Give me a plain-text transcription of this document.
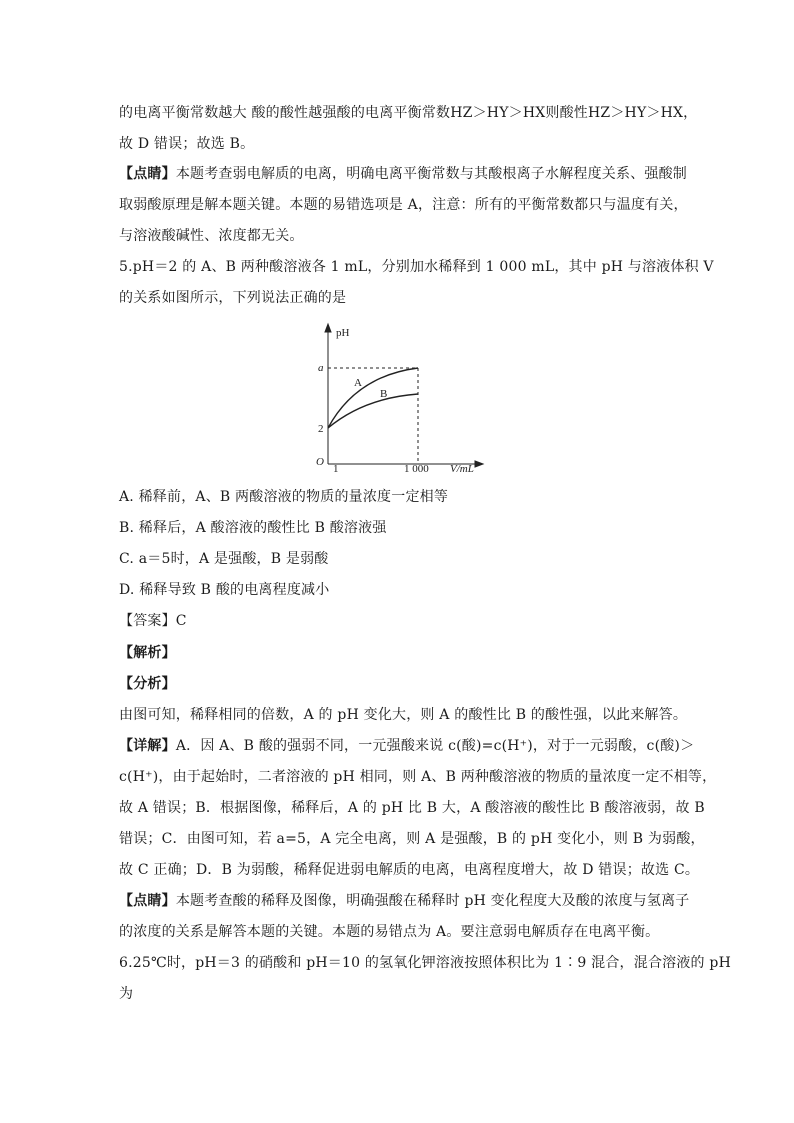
的电离平衡常数越大 酸的酸性越强酸的电离平衡常数HZ＞HY＞HX则酸性HZ＞HY＞HX，
故 D 错误；故选 B。
【点睛】本题考查弱电解质的电离，明确电离平衡常数与其酸根离子水解程度关系、强酸制
取弱酸原理是解本题关键。本题的易错选项是 A，注意：所有的平衡常数都只与温度有关，
与溶液酸碱性、浓度都无关。
5.pH＝2 的 A、B 两种酸溶液各 1 mL，分别加水稀释到 1 000 mL，其中 pH 与溶液体积 V
的关系如图所示，下列说法正确的是
pH
V/mL
O
a
2
1	1 000
A
B
A. 稀释前，A、B 两酸溶液的物质的量浓度一定相等
B. 稀释后，A 酸溶液的酸性比 B 酸溶液强
C. a＝5时，A 是强酸，B 是弱酸
D. 稀释导致 B 酸的电离程度减小
【答案】C
【解析】
【分析】
由图可知，稀释相同的倍数，A 的 pH 变化大，则 A 的酸性比 B 的酸性强，以此来解答。
【详解】A．因 A、B 酸的强弱不同，一元强酸来说 c(酸)=c(H⁺)，对于一元弱酸，c(酸)＞
c(H⁺)，由于起始时，二者溶液的 pH 相同，则 A、B 两种酸溶液的物质的量浓度一定不相等，
故 A 错误；B．根据图像，稀释后，A 的 pH 比 B 大，A 酸溶液的酸性比 B 酸溶液弱，故 B
错误；C．由图可知，若 a=5，A 完全电离，则 A 是强酸，B 的 pH 变化小，则 B 为弱酸，
故 C 正确；D．B 为弱酸，稀释促进弱电解质的电离，电离程度增大，故 D 错误；故选 C。
【点睛】本题考查酸的稀释及图像，明确强酸在稀释时 pH 变化程度大及酸的浓度与氢离子
的浓度的关系是解答本题的关键。本题的易错点为 A。要注意弱电解质存在电离平衡。
6.25℃时，pH＝3 的硝酸和 pH＝10 的氢氧化钾溶液按照体积比为 1∶9 混合，混合溶液的 pH
为
